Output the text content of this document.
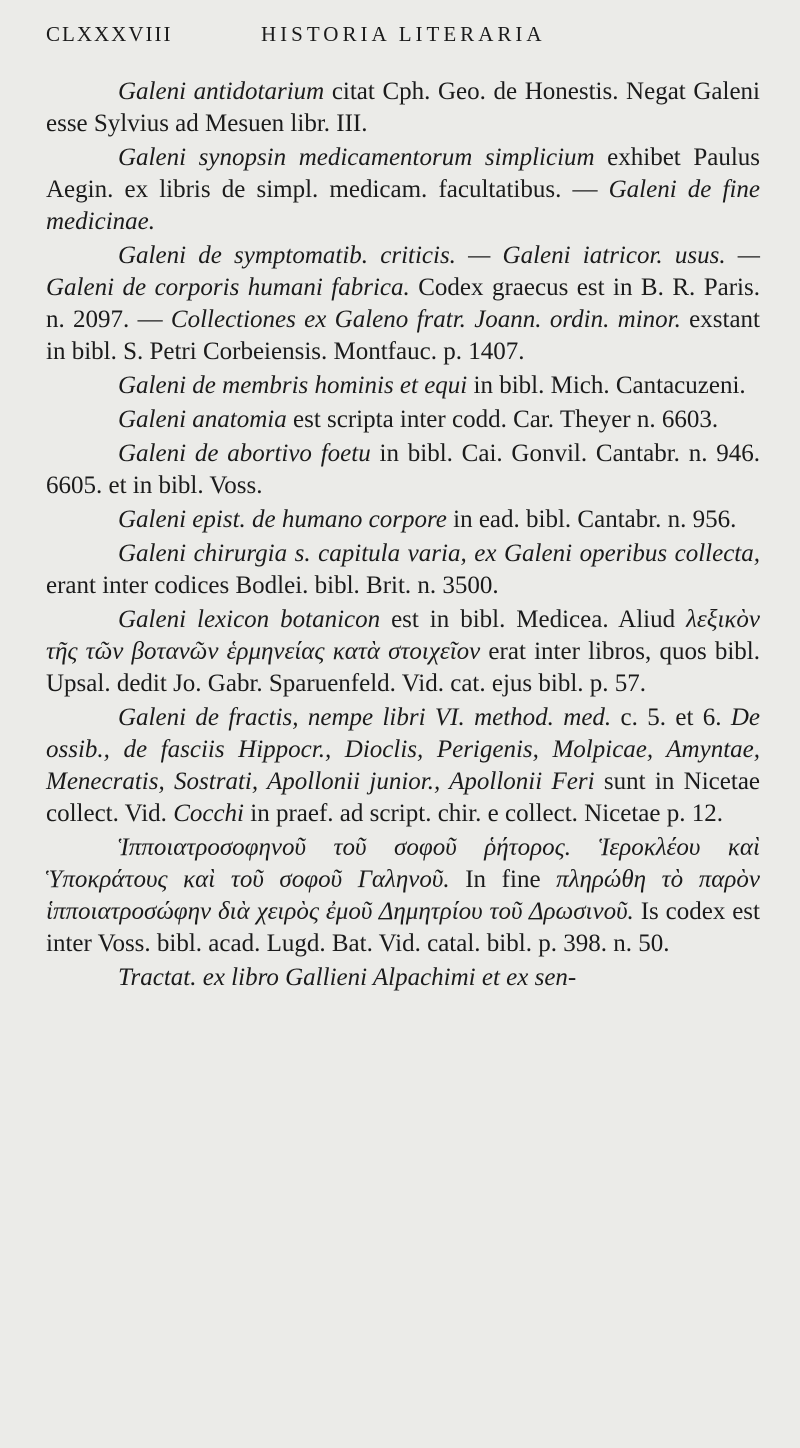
CLXXXVIII	HISTORIA LITERARIA

Galeni antidotarium citat Cph. Geo. de Honestis. Negat Galeni esse Sylvius ad Mesuen libr. III.

Galeni synopsin medicamentorum simplicium exhibet Paulus Aegin. ex libris de simpl. medicam. facultatibus. — Galeni de fine medicinae.

Galeni de symptomatib. criticis. — Galeni iatricor. usus. — Galeni de corporis humani fabrica. Codex graecus est in B. R. Paris. n. 2097. — Collectiones ex Galeno fratr. Joann. ordin. minor. exstant in bibl. S. Petri Corbeiensis. Montfauc. p. 1407.

Galeni de membris hominis et equi in bibl. Mich. Cantacuzeni.

Galeni anatomia est scripta inter codd. Car. Theyer n. 6603.

Galeni de abortivo foetu in bibl. Cai. Gonvil. Cantabr. n. 946. 6605. et in bibl. Voss.

Galeni epist. de humano corpore in ead. bibl. Cantabr. n. 956.

Galeni chirurgia s. capitula varia, ex Galeni operibus collecta, erant inter codices Bodlei. bibl. Brit. n. 3500.

Galeni lexicon botanicon est in bibl. Medicea. Aliud λεξικὸν τῆς τῶν βοτανῶν ἑρμηνείας κατὰ στοιχεῖον erat inter libros, quos bibl. Upsal. dedit Jo. Gabr. Sparuenfeld. Vid. cat. ejus bibl. p. 57.

Galeni de fractis, nempe libri VI. method. med. c. 5. et 6. De ossib., de fasciis Hippocr., Dioclis, Perigenis, Molpicae, Amyntae, Menecratis, Sostrati, Apollonii junior., Apollonii Feri sunt in Nicetae collect. Vid. Cocchi in praef. ad script. chir. e collect. Nicetae p. 12.

Ἱπποιατροσοφηνοῦ τοῦ σοφοῦ ῥήτορος. Ἱεροκλέου καὶ Ὑποκράτους καὶ τοῦ σοφοῦ Γαληνοῦ. In fine πληρώθη τὸ παρὸν ἱπποιατροσώφην διὰ χειρὸς ἐμοῦ Δημητρίου τοῦ Δρωσινοῦ. Is codex est inter Voss. bibl. acad. Lugd. Bat. Vid. catal. bibl. p. 398. n. 50.

Tractat. ex libro Gallieni Alpachimi et ex sen-
